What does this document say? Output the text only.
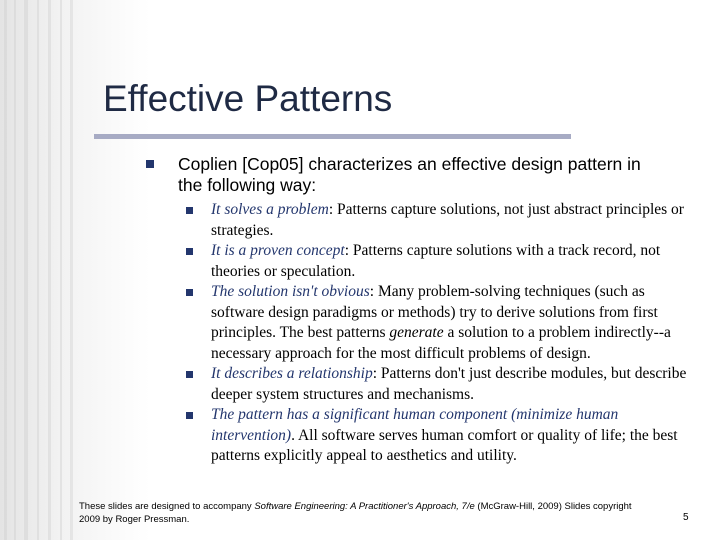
Effective Patterns
Coplien [Cop05] characterizes an effective design pattern in the following way:
It solves a problem: Patterns capture solutions, not just abstract principles or strategies.
It is a proven concept: Patterns capture solutions with a track record, not theories or speculation.
The solution isn't obvious: Many problem-solving techniques (such as software design paradigms or methods) try to derive solutions from first principles. The best patterns generate a solution to a problem indirectly--a necessary approach for the most difficult problems of design.
It describes a relationship: Patterns don't just describe modules, but describe deeper system structures and mechanisms.
The pattern has a significant human component (minimize human intervention). All software serves human comfort or quality of life; the best patterns explicitly appeal to aesthetics and utility.
These slides are designed to accompany Software Engineering: A Practitioner's Approach, 7/e (McGraw-Hill, 2009) Slides copyright 2009 by Roger Pressman.	5
